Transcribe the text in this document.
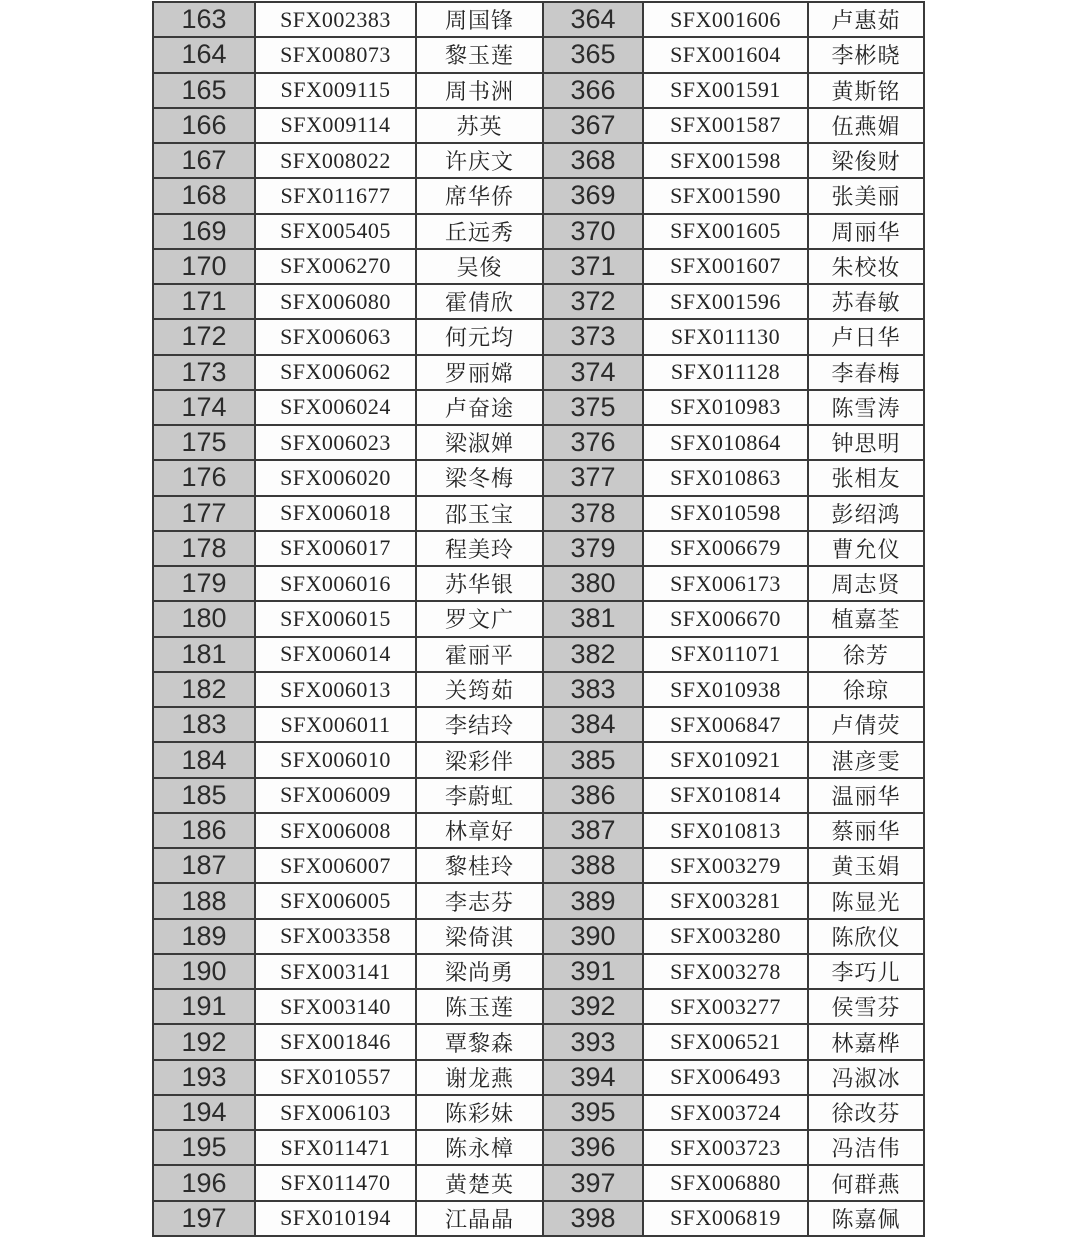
163	SFX002383	周国锋
164	SFX008073	黎玉莲
165	SFX009115	周书洲
166	SFX009114	苏英
167	SFX008022	许庆文
168	SFX011677	席华侨
169	SFX005405	丘远秀
170	SFX006270	吴俊
171	SFX006080	霍倩欣
172	SFX006063	何元均
173	SFX006062	罗丽嫦
174	SFX006024	卢奋途
175	SFX006023	梁淑婵
176	SFX006020	梁冬梅
177	SFX006018	邵玉宝
178	SFX006017	程美玲
179	SFX006016	苏华银
180	SFX006015	罗文广
181	SFX006014	霍丽平
182	SFX006013	关筠茹
183	SFX006011	李结玲
184	SFX006010	梁彩伴
185	SFX006009	李蔚虹
186	SFX006008	林章好
187	SFX006007	黎桂玲
188	SFX006005	李志芬
189	SFX003358	梁倚淇
190	SFX003141	梁尚勇
191	SFX003140	陈玉莲
192	SFX001846	覃黎森
193	SFX010557	谢龙燕
194	SFX006103	陈彩妹
195	SFX011471	陈永樟
196	SFX011470	黄楚英
197	SFX010194	江晶晶
364	SFX001606	卢惠茹
365	SFX001604	李彬晓
366	SFX001591	黄斯铭
367	SFX001587	伍燕媚
368	SFX001598	梁俊财
369	SFX001590	张美丽
370	SFX001605	周丽华
371	SFX001607	朱校妆
372	SFX001596	苏春敏
373	SFX011130	卢日华
374	SFX011128	李春梅
375	SFX010983	陈雪涛
376	SFX010864	钟思明
377	SFX010863	张相友
378	SFX010598	彭绍鸿
379	SFX006679	曹允仪
380	SFX006173	周志贤
381	SFX006670	植嘉荃
382	SFX011071	徐芳
383	SFX010938	徐琼
384	SFX006847	卢倩荧
385	SFX010921	湛彦雯
386	SFX010814	温丽华
387	SFX010813	蔡丽华
388	SFX003279	黄玉娟
389	SFX003281	陈显光
390	SFX003280	陈欣仪
391	SFX003278	李巧儿
392	SFX003277	侯雪芬
393	SFX006521	林嘉桦
394	SFX006493	冯淑冰
395	SFX003724	徐改芬
396	SFX003723	冯洁伟
397	SFX006880	何群燕
398	SFX006819	陈嘉佩
